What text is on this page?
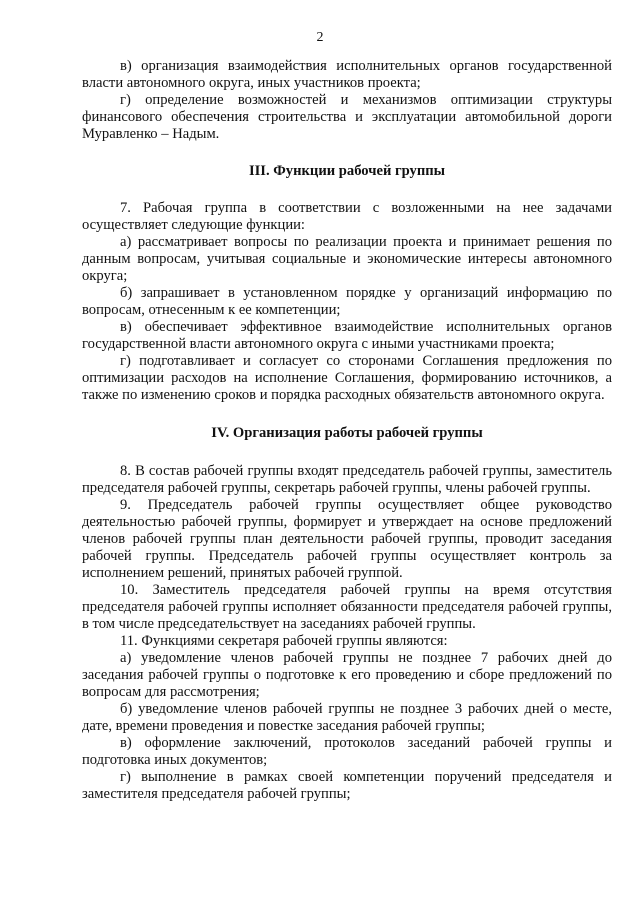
2

в) организация взаимодействия исполнительных органов государственной власти автономного округа, иных участников проекта;

г) определение возможностей и механизмов оптимизации структуры финансового обеспечения строительства и эксплуатации автомобильной дороги Муравленко – Надым.

III. Функции рабочей группы

7. Рабочая группа в соответствии с возложенными на нее задачами осуществляет следующие функции:

а) рассматривает вопросы по реализации проекта и принимает решения по данным вопросам, учитывая социальные и экономические интересы автономного округа;

б) запрашивает в установленном порядке у организаций информацию по вопросам, отнесенным к ее компетенции;

в) обеспечивает эффективное взаимодействие исполнительных органов государственной власти автономного округа с иными участниками проекта;

г) подготавливает и согласует со сторонами Соглашения предложения по оптимизации расходов на исполнение Соглашения, формированию источников, а также по изменению сроков и порядка расходных обязательств автономного округа.

IV. Организация работы рабочей группы

8. В состав рабочей группы входят председатель рабочей группы, заместитель председателя рабочей группы, секретарь рабочей группы, члены рабочей группы.

9. Председатель рабочей группы осуществляет общее руководство деятельностью рабочей группы, формирует и утверждает на основе предложений членов рабочей группы план деятельности рабочей группы, проводит заседания рабочей группы. Председатель рабочей группы осуществляет контроль за исполнением решений, принятых рабочей группой.

10. Заместитель председателя рабочей группы на время отсутствия председателя рабочей группы исполняет обязанности председателя рабочей группы, в том числе председательствует на заседаниях рабочей группы.

11. Функциями секретаря рабочей группы являются:

а) уведомление членов рабочей группы не позднее 7 рабочих дней до заседания рабочей группы о подготовке к его проведению и сборе предложений по вопросам для рассмотрения;

б) уведомление членов рабочей группы не позднее 3 рабочих дней о месте, дате, времени проведения и повестке заседания рабочей группы;

в) оформление заключений, протоколов заседаний рабочей группы и подготовка иных документов;

г) выполнение в рамках своей компетенции поручений председателя и заместителя председателя рабочей группы;
